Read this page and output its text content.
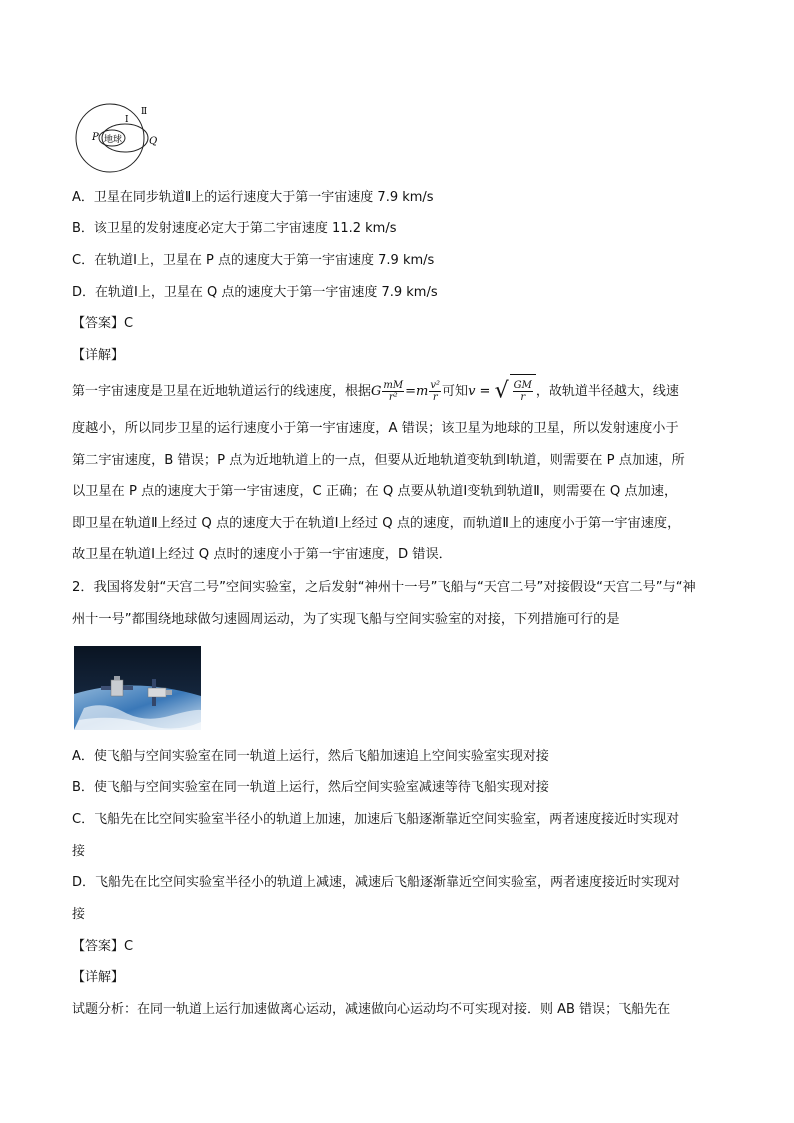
地球
P	Q
Ⅰ
Ⅱ
A．卫星在同步轨道Ⅱ上的运行速度大于第一宇宙速度 7.9 km/s
B．该卫星的发射速度必定大于第二宇宙速度 11.2 km/s
C．在轨道Ⅰ上，卫星在 P 点的速度大于第一宇宙速度 7.9 km/s
D．在轨道Ⅰ上，卫星在 Q 点的速度大于第一宇宙速度 7.9 km/s
【答案】C
【详解】
第一宇宙速度是卫星在近地轨道运行的线速度，根据G $\frac{mM}{\text{r²}} =m \frac{\text{v²}}{r}$ 可知v = √ $\frac{GM}{r}$ ，故轨道半径越大，线速
度越小，所以同步卫星的运行速度小于第一宇宙速度，A 错误；该卫星为地球的卫星，所以发射速度小于
第二宇宙速度，B 错误；P 点为近地轨道上的一点，但要从近地轨道变轨到Ⅰ轨道，则需要在 P 点加速，所
以卫星在 P 点的速度大于第一宇宙速度，C 正确；在 Q 点要从轨道Ⅰ变轨到轨道Ⅱ，则需要在 Q 点加速，
即卫星在轨道Ⅱ上经过 Q 点的速度大于在轨道Ⅰ上经过 Q 点的速度，而轨道Ⅱ上的速度小于第一宇宙速度，
故卫星在轨道Ⅰ上经过 Q 点时的速度小于第一宇宙速度，D 错误．
2．我国将发射“天宫二号”空间实验室，之后发射“神州十一号”飞船与“天宫二号”对接假设“天宫二号”与“神
州十一号”都围绕地球做匀速圆周运动，为了实现飞船与空间实验室的对接，下列措施可行的是
A．使飞船与空间实验室在同一轨道上运行，然后飞船加速追上空间实验室实现对接
B．使飞船与空间实验室在同一轨道上运行，然后空间实验室减速等待飞船实现对接
C．飞船先在比空间实验室半径小的轨道上加速，加速后飞船逐渐靠近空间实验室，两者速度接近时实现对
接
D．飞船先在比空间实验室半径小的轨道上减速，减速后飞船逐渐靠近空间实验室，两者速度接近时实现对
接
【答案】C
【详解】
试题分析：在同一轨道上运行加速做离心运动，减速做向心运动均不可实现对接．则 AB 错误；飞船先在
